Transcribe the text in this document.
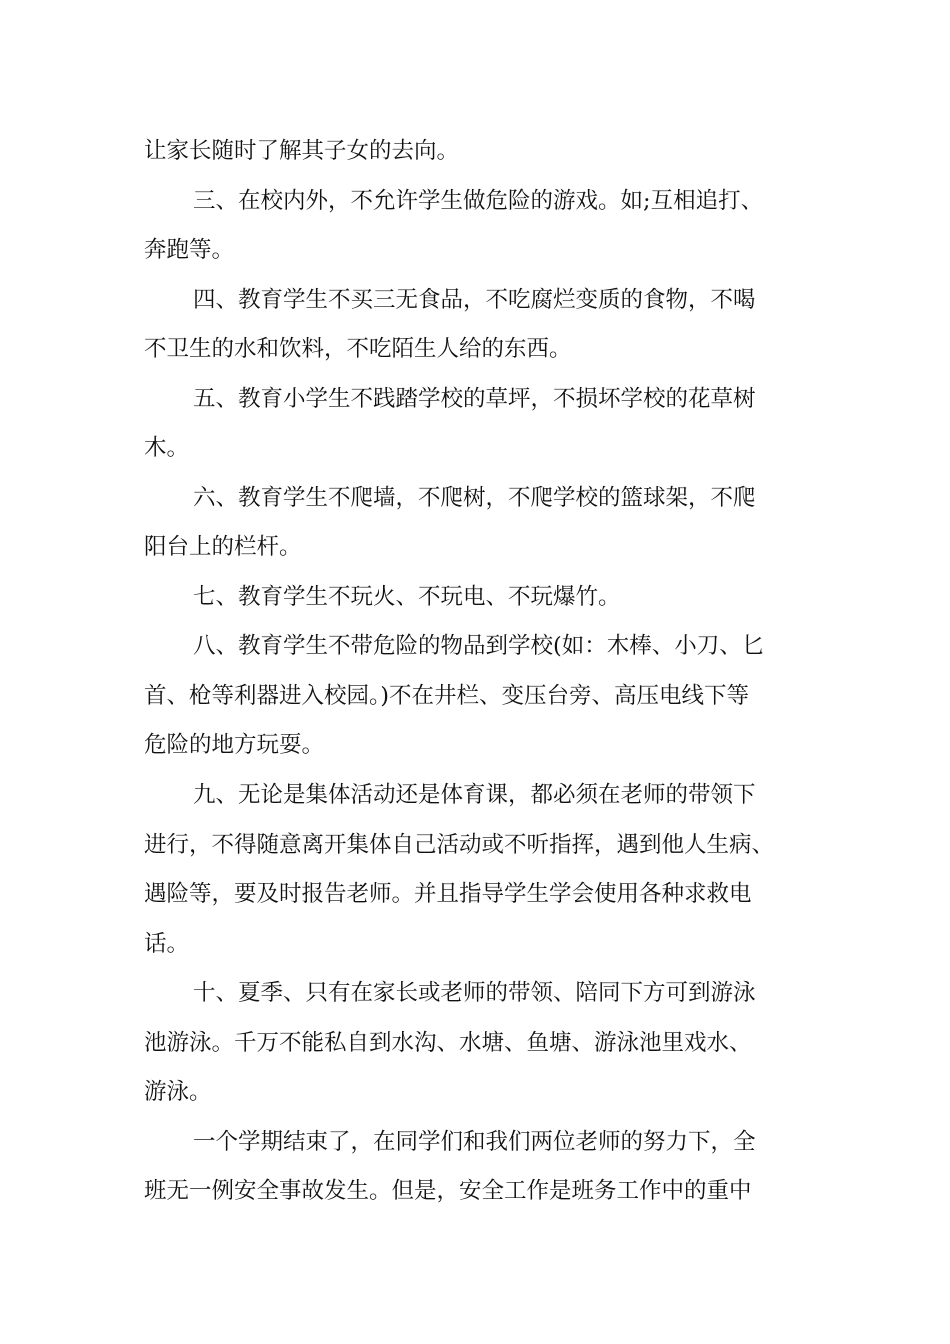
让家长随时了解其子女的去向。
三、在校内外，不允许学生做危险的游戏。如;互相追打、
奔跑等。
四、教育学生不买三无食品，不吃腐烂变质的食物，不喝
不卫生的水和饮料，不吃陌生人给的东西。
五、教育小学生不践踏学校的草坪，不损坏学校的花草树
木。
六、教育学生不爬墙，不爬树，不爬学校的篮球架，不爬
阳台上的栏杆。
七、教育学生不玩火、不玩电、不玩爆竹。
八、教育学生不带危险的物品到学校(如：木棒、小刀、匕
首、枪等利器进入校园。)不在井栏、变压台旁、高压电线下等
危险的地方玩耍。
九、无论是集体活动还是体育课，都必须在老师的带领下
进行，不得随意离开集体自己活动或不听指挥，遇到他人生病、
遇险等，要及时报告老师。并且指导学生学会使用各种求救电
话。
十、夏季、只有在家长或老师的带领、陪同下方可到游泳
池游泳。千万不能私自到水沟、水塘、鱼塘、游泳池里戏水、
游泳。
一个学期结束了，在同学们和我们两位老师的努力下，全
班无一例安全事故发生。但是，安全工作是班务工作中的重中
